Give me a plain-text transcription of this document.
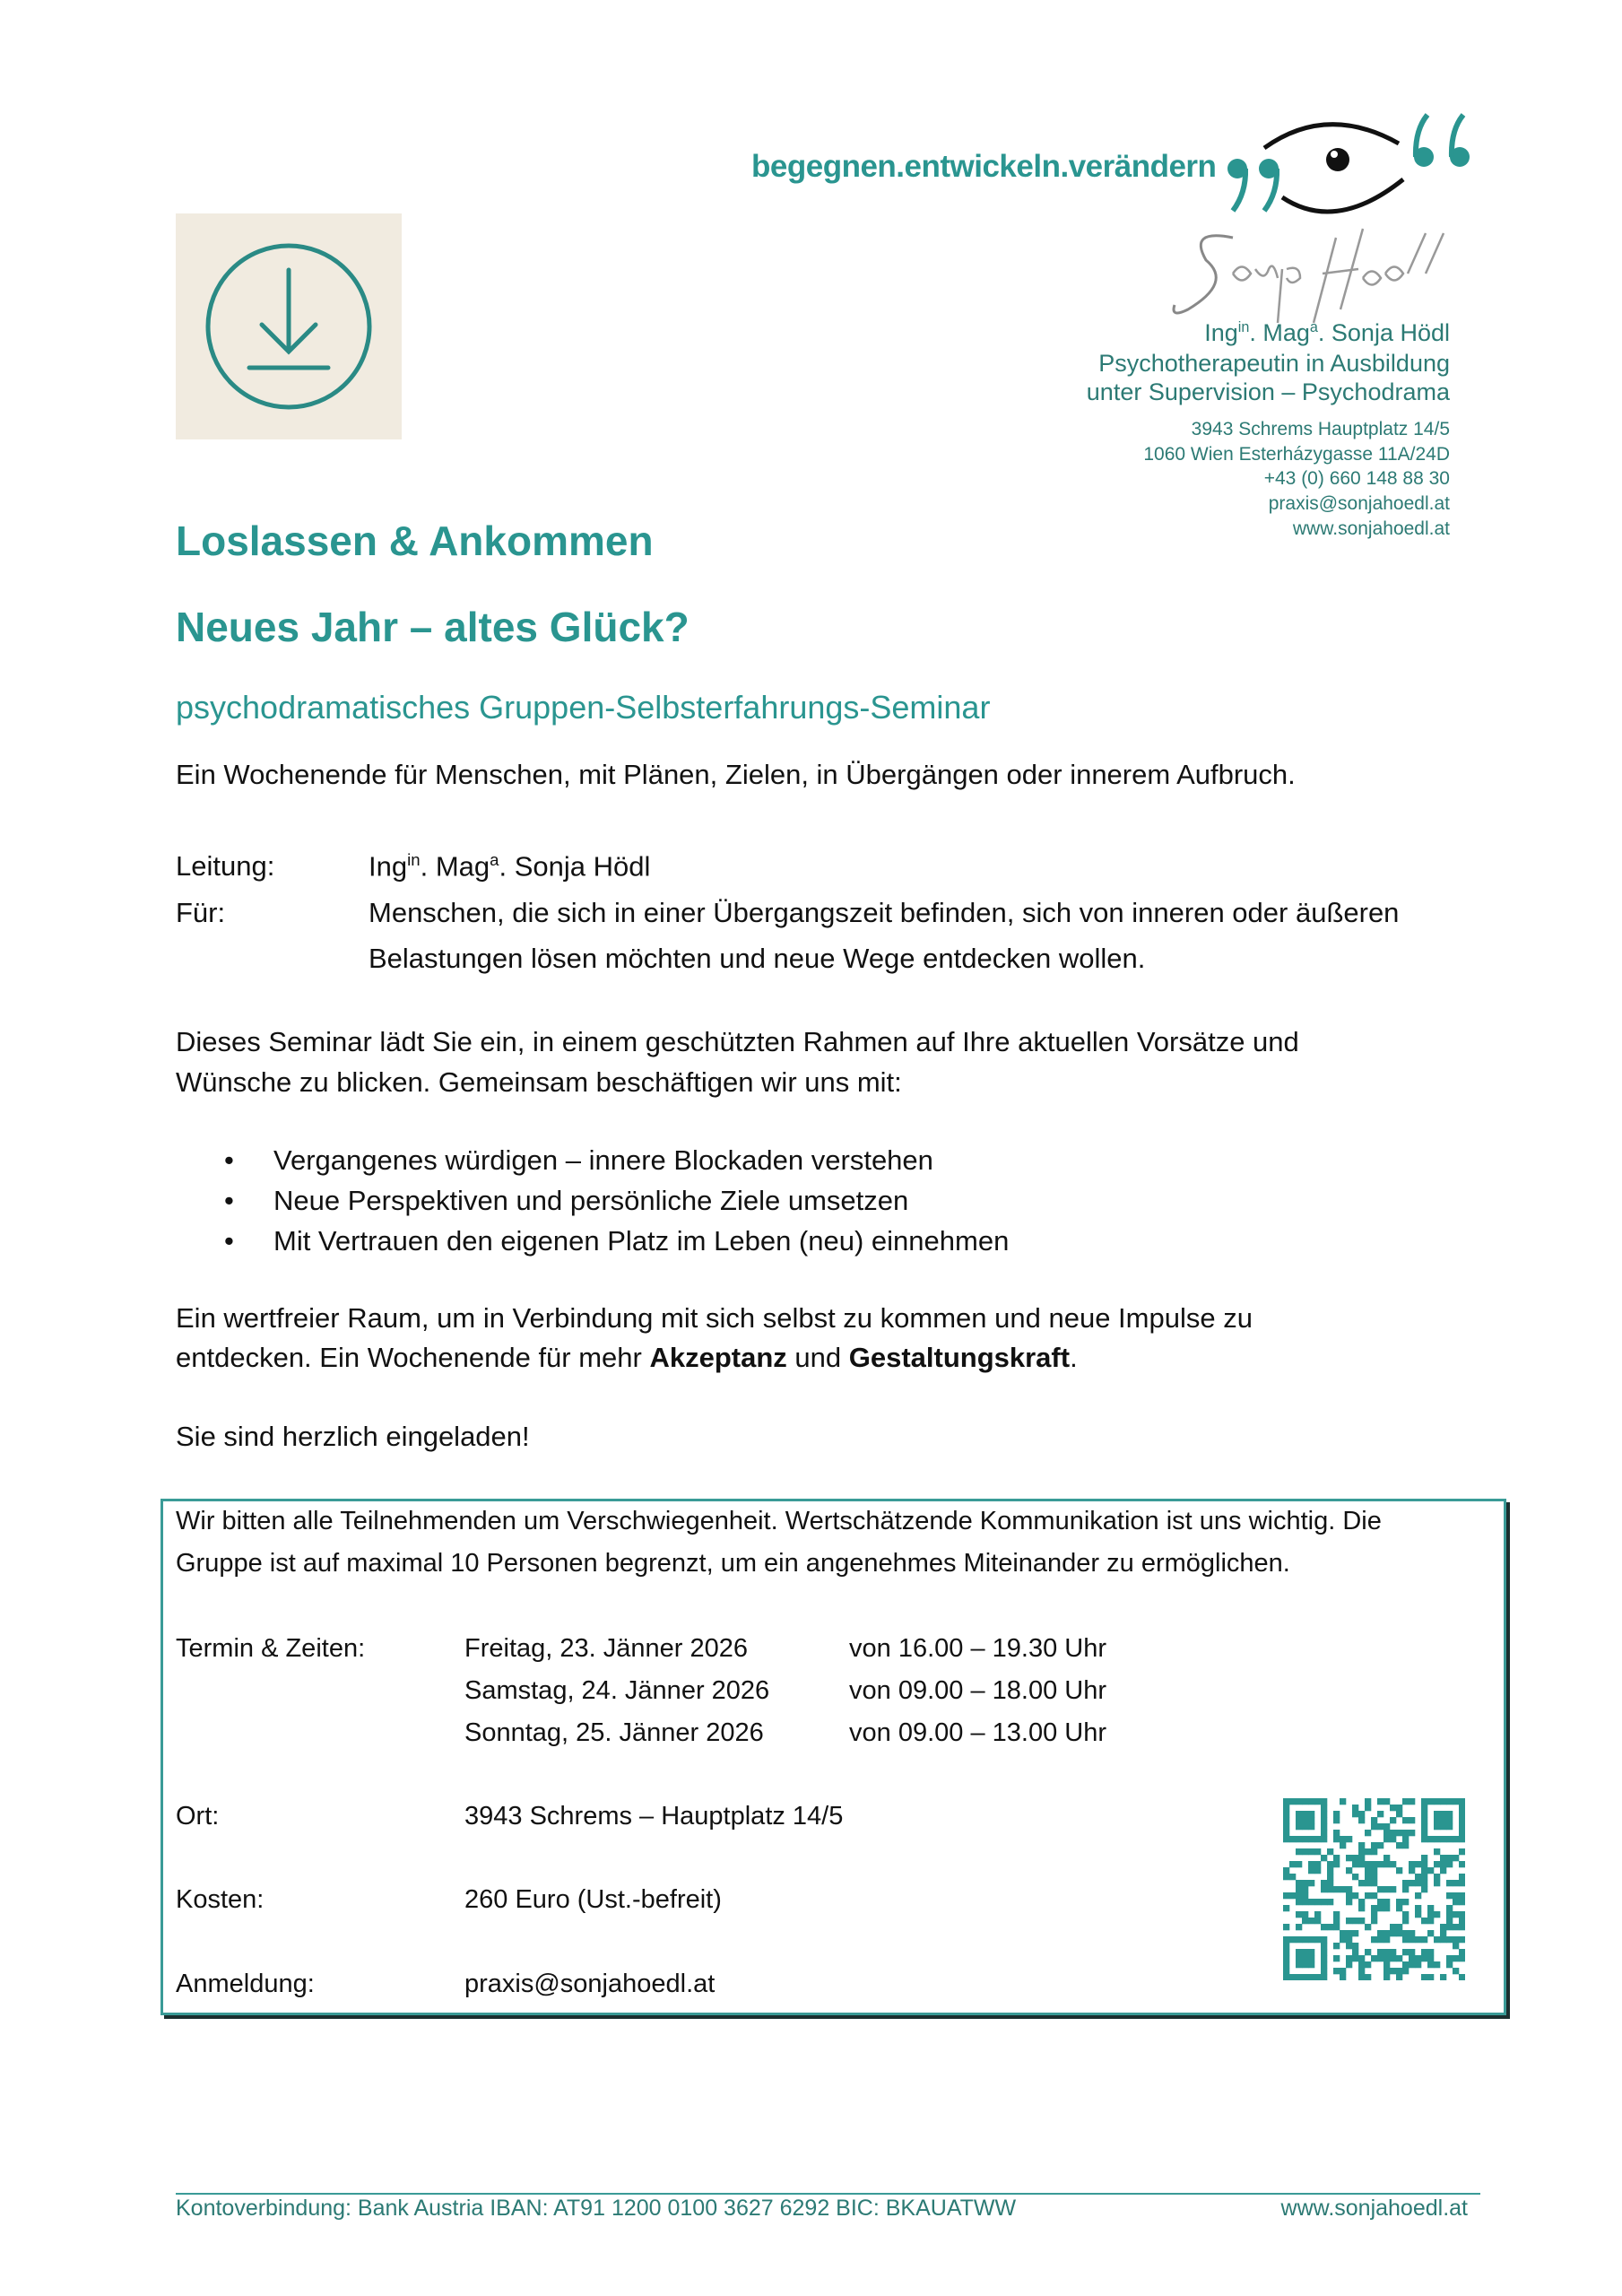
begegnen.entwickeln.verändern
Ing$^{in}$. Mag$^a$. Sonja Hödl
Psychotherapeutin in Ausbildung
unter Supervision – Psychodrama
3943 Schrems Hauptplatz 14/5
1060 Wien Esterházygasse 11A/24D
+43 (0) 660 148 88 30
praxis@sonjahoedl.at
www.sonjahoedl.at
Loslassen & Ankommen
Neues Jahr – altes Glück?
psychodramatisches Gruppen-Selbsterfahrungs-Seminar
Ein Wochenende für Menschen, mit Plänen, Zielen, in Übergängen oder innerem Aufbruch.
Leitung:	Ing$^{in}$. Mag$^a$. Sonja Hödl
Für:	Menschen, die sich in einer Übergangszeit befinden, sich von inneren oder äußeren
Belastungen lösen möchten und neue Wege entdecken wollen.
Dieses Seminar lädt Sie ein, in einem geschützten Rahmen auf Ihre aktuellen Vorsätze und
Wünsche zu blicken. Gemeinsam beschäftigen wir uns mit:
• Vergangenes würdigen – innere Blockaden verstehen
• Neue Perspektiven und persönliche Ziele umsetzen
• Mit Vertrauen den eigenen Platz im Leben (neu) einnehmen
Ein wertfreier Raum, um in Verbindung mit sich selbst zu kommen und neue Impulse zu
entdecken. Ein Wochenende für mehr Akzeptanz und Gestaltungskraft.
Sie sind herzlich eingeladen!
Wir bitten alle Teilnehmenden um Verschwiegenheit. Wertschätzende Kommunikation ist uns wichtig. Die
Gruppe ist auf maximal 10 Personen begrenzt, um ein angenehmes Miteinander zu ermöglichen.
Termin & Zeiten:	Freitag, 23. Jänner 2026	von 16.00 – 19.30 Uhr
Samstag, 24. Jänner 2026	von 09.00 – 18.00 Uhr
Sonntag, 25. Jänner 2026	von 09.00 – 13.00 Uhr
Ort:	3943 Schrems – Hauptplatz 14/5
Kosten:	260 Euro (Ust.-befreit)
Anmeldung:	praxis@sonjahoedl.at
Kontoverbindung: Bank Austria IBAN: AT91 1200 0100 3627 6292 BIC: BKAUATWW	www.sonjahoedl.at
